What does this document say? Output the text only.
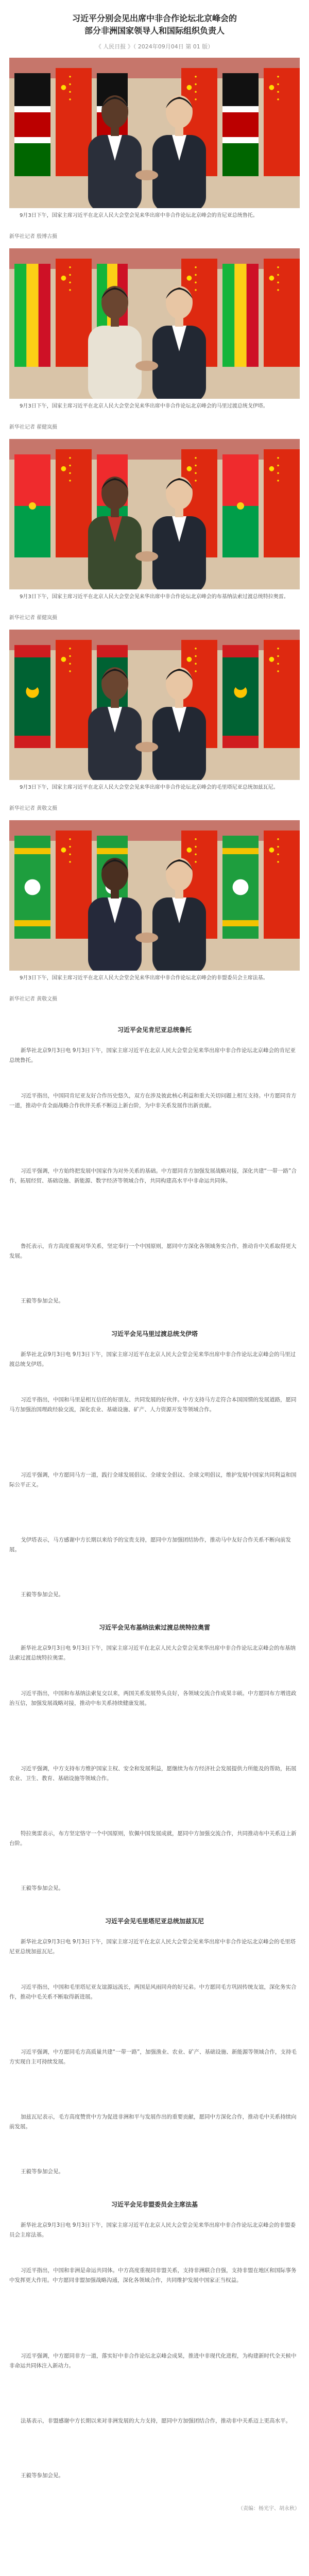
习近平分别会见出席中非合作论坛北京峰会的
部分非洲国家领导人和国际组织负责人
《 人民日报 》（ 2024年09月04日 第 01 版）
9月3日下午，国家主席习近平在北京人民大会堂会见来华出席中非合作论坛北京峰会的肯尼亚总统鲁托。
新华社记者 殷博古摄
9月3日下午，国家主席习近平在北京人民大会堂会见来华出席中非合作论坛北京峰会的马里过渡总统戈伊塔。
新华社记者 翟健岚摄
9月3日下午，国家主席习近平在北京人民大会堂会见来华出席中非合作论坛北京峰会的布基纳法索过渡总统特拉奥雷。
新华社记者 翟健岚摄
9月3日下午，国家主席习近平在北京人民大会堂会见来华出席中非合作论坛北京峰会的毛里塔尼亚总统加兹瓦尼。
新华社记者 黄敬文摄
9月3日下午，国家主席习近平在北京人民大会堂会见来华出席中非合作论坛北京峰会的非盟委员会主席法基。
新华社记者 黄敬文摄
习近平会见肯尼亚总统鲁托
新华社北京9月3日电 9月3日下午，国家主席习近平在北京人民大会堂会见来华出席中非合作论坛北京峰会的肯尼亚总统鲁托。
习近平指出，中国同肯尼亚友好合作历史悠久，双方在涉及彼此核心利益和重大关切问题上相互支持。中方愿同肯方一道，推动中肯全面战略合作伙伴关系不断迈上新台阶，为中非关系发展作出新贡献。
习近平强调，中方始终把发展中国家作为对外关系的基础。中方愿同肯方加强发展战略对接，深化共建“一带一路”合作，拓展经贸、基础设施、新能源、数字经济等领域合作，共同构建高水平中非命运共同体。
鲁托表示，肯方高度重视对华关系，坚定奉行一个中国原则，愿同中方深化各领域务实合作，推动肯中关系取得更大发展。
王毅等参加会见。
习近平会见马里过渡总统戈伊塔
新华社北京9月3日电 9月3日下午，国家主席习近平在北京人民大会堂会见来华出席中非合作论坛北京峰会的马里过渡总统戈伊塔。
习近平指出，中国和马里是相互信任的好朋友、共同发展的好伙伴。中方支持马方走符合本国国情的发展道路，愿同马方加强治国理政经验交流，深化农业、基础设施、矿产、人力资源开发等领域合作。
习近平强调，中方愿同马方一道，践行全球发展倡议、全球安全倡议、全球文明倡议，维护发展中国家共同利益和国际公平正义。
戈伊塔表示，马方感谢中方长期以来给予的宝贵支持，愿同中方加强团结协作，推动马中友好合作关系不断向前发展。
王毅等参加会见。
习近平会见布基纳法索过渡总统特拉奥雷
新华社北京9月3日电 9月3日下午，国家主席习近平在北京人民大会堂会见来华出席中非合作论坛北京峰会的布基纳法索过渡总统特拉奥雷。
习近平指出，中国和布基纳法索复交以来，两国关系发展势头良好，各领域交流合作成果丰硕。中方愿同布方增进政治互信，加强发展战略对接，推动中布关系持续健康发展。
习近平强调，中方支持布方维护国家主权、安全和发展利益，愿继续为布方经济社会发展提供力所能及的帮助，拓展农业、卫生、教育、基础设施等领域合作。
特拉奥雷表示，布方坚定恪守一个中国原则，钦佩中国发展成就，愿同中方加强交流合作，共同推动布中关系迈上新台阶。
王毅等参加会见。
习近平会见毛里塔尼亚总统加兹瓦尼
新华社北京9月3日电 9月3日下午，国家主席习近平在北京人民大会堂会见来华出席中非合作论坛北京峰会的毛里塔尼亚总统加兹瓦尼。
习近平指出，中国和毛里塔尼亚友谊源远流长，两国是风雨同舟的好兄弟。中方愿同毛方巩固传统友谊，深化务实合作，推动中毛关系不断取得新进展。
习近平强调，中方愿同毛方高质量共建“一带一路”，加强渔业、农业、矿产、基础设施、新能源等领域合作，支持毛方实现自主可持续发展。
加兹瓦尼表示，毛方高度赞赏中方为促进非洲和平与发展作出的重要贡献，愿同中方深化合作，推动毛中关系持续向前发展。
王毅等参加会见。
习近平会见非盟委员会主席法基
新华社北京9月3日电 9月3日下午，国家主席习近平在北京人民大会堂会见来华出席中非合作论坛北京峰会的非盟委员会主席法基。
习近平指出，中国和非洲是命运共同体。中方高度重视同非盟关系，支持非洲联合自强，支持非盟在地区和国际事务中发挥更大作用。中方愿同非盟加强战略沟通，深化各领域合作，共同维护发展中国家正当权益。
习近平强调，中方愿同非方一道，落实好中非合作论坛北京峰会成果，推进中非现代化进程，为构建新时代全天候中非命运共同体注入新动力。
法基表示，非盟感谢中方长期以来对非洲发展的大力支持，愿同中方加强团结合作，推动非中关系迈上更高水平。
王毅等参加会见。
（责编：杨光宇、胡永秋）
